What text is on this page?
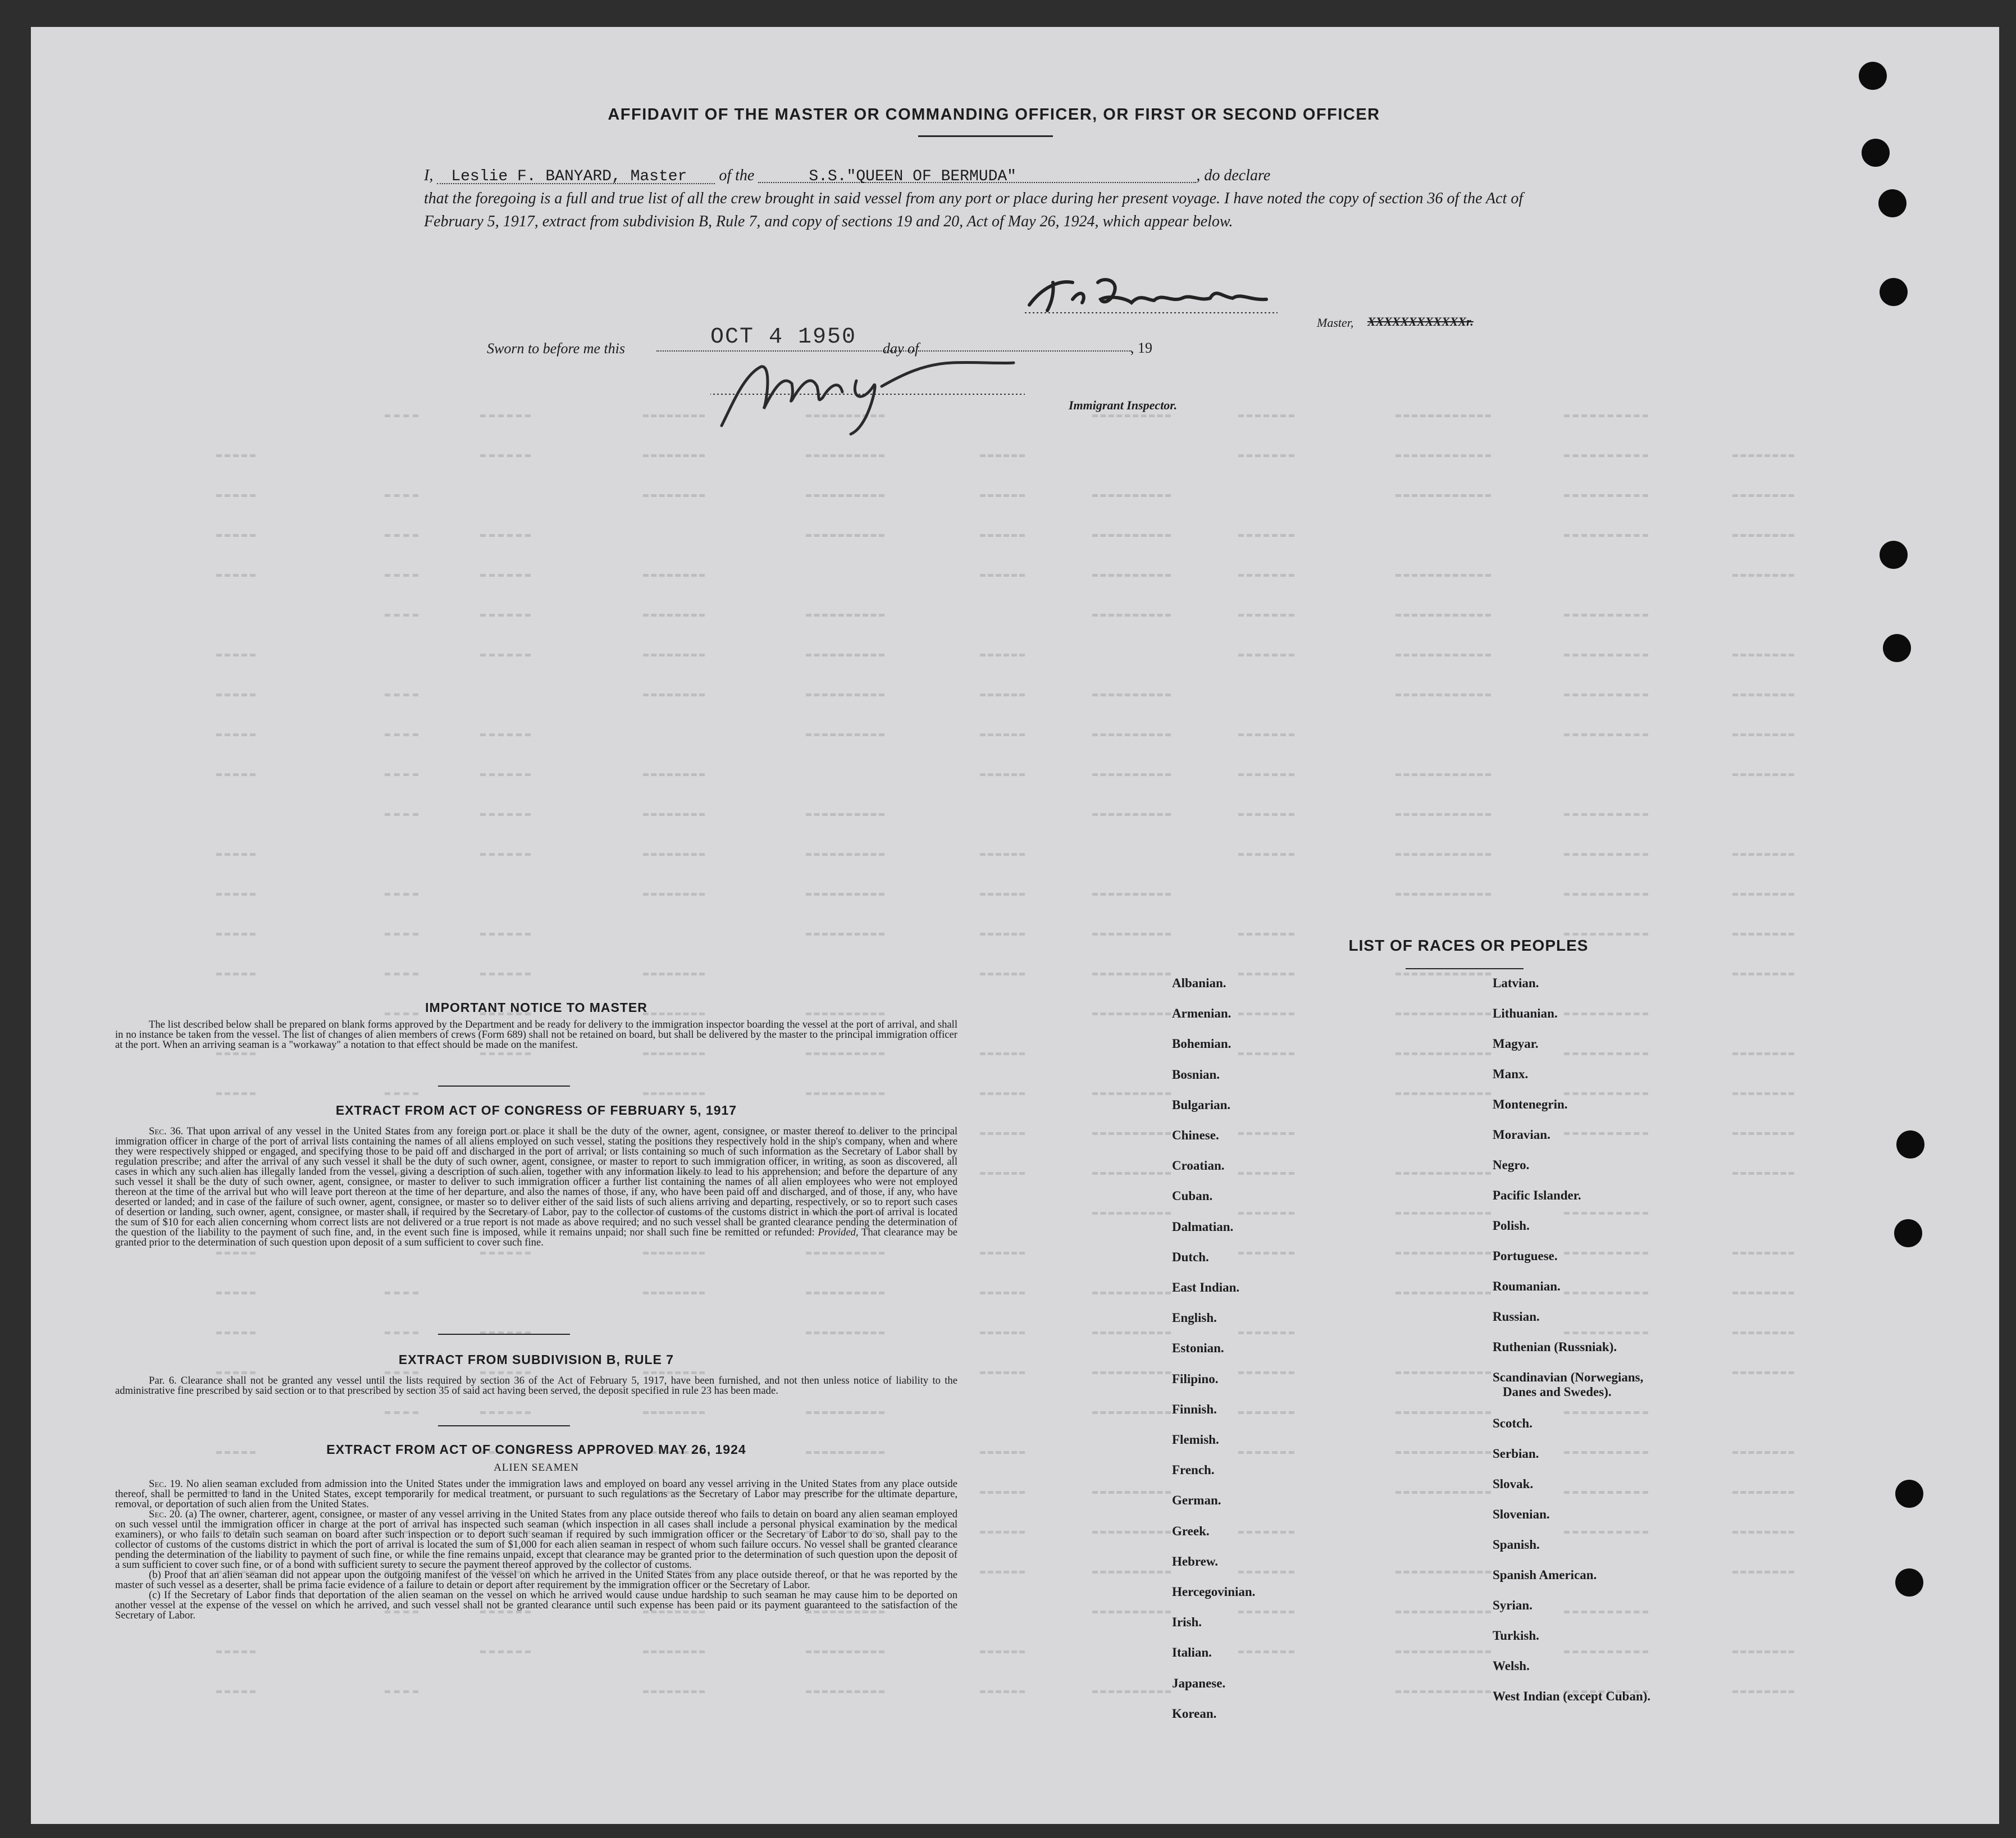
AFFIDAVIT OF THE MASTER OR COMMANDING OFFICER, OR FIRST OR SECOND OFFICER
I, Leslie F. BANYARD, Master of the	S.S."QUEEN OF BERMUDA"	, do declare
that the foregoing is a full and true list of all the crew brought in said vessel from any port or place during her present voyage. I have noted the copy of section 36 of the Act of February 5, 1917, extract from subdivision B, Rule 7, and copy of sections 19 and 20, Act of May 26, 1924, which appear below.
Master, XXXXXXXXXXXXr.
Sworn to before me this	OCT 4 1950 day of	, 19
Immigrant Inspector.
IMPORTANT NOTICE TO MASTER

The list described below shall be prepared on blank forms approved by the Department and be ready for delivery to the immigration inspector boarding the vessel at the port of arrival, and shall in no instance be taken from the vessel. The list of changes of alien members of crews (Form 689) shall not be retained on board, but shall be delivered by the master to the principal immigration officer at the port. When an arriving seaman is a "workaway" a notation to that effect should be made on the manifest.

EXTRACT FROM ACT OF CONGRESS OF FEBRUARY 5, 1917

Sec. 36. That upon arrival of any vessel in the United States from any foreign port or place it shall be the duty of the owner, agent, consignee, or master thereof to deliver to the principal immigration officer in charge of the port of arrival lists containing the names of all aliens employed on such vessel, stating the positions they respectively hold in the ship's company, when and where they were respectively shipped or engaged, and specifying those to be paid off and discharged in the port of arrival; or lists containing so much of such information as the Secretary of Labor shall by regulation prescribe; and after the arrival of any such vessel it shall be the duty of such owner, agent, consignee, or master to report to such immigration officer, in writing, as soon as discovered, all cases in which any such alien has illegally landed from the vessel, giving a description of such alien, together with any information likely to lead to his apprehension; and before the departure of any such vessel it shall be the duty of such owner, agent, consignee, or master to deliver to such immigration officer a further list containing the names of all alien employees who were not employed thereon at the time of the arrival but who will leave port thereon at the time of her departure, and also the names of those, if any, who have been paid off and discharged, and of those, if any, who have deserted or landed; and in case of the failure of such owner, agent, consignee, or master so to deliver either of the said lists of such aliens arriving and departing, respectively, or so to report such cases of desertion or landing, such owner, agent, consignee, or master shall, if required by the Secretary of Labor, pay to the collector of customs of the customs district in which the port of arrival is located the sum of $10 for each alien concerning whom correct lists are not delivered or a true report is not made as above required; and no such vessel shall be granted clearance pending the determination of the question of the liability to the payment of such fine, and, in the event such fine is imposed, while it remains unpaid; nor shall such fine be remitted or refunded: Provided, That clearance may be granted prior to the determination of such question upon deposit of a sum sufficient to cover such fine.

EXTRACT FROM SUBDIVISION B, RULE 7

Par. 6. Clearance shall not be granted any vessel until the lists required by section 36 of the Act of February 5, 1917, have been furnished, and not then unless notice of liability to the administrative fine prescribed by said section or to that prescribed by section 35 of said act having been served, the deposit specified in rule 23 has been made.

EXTRACT FROM ACT OF CONGRESS APPROVED MAY 26, 1924
ALIEN SEAMEN

Sec. 19. No alien seaman excluded from admission into the United States under the immigration laws and employed on board any vessel arriving in the United States from any place outside thereof, shall be permitted to land in the United States, except temporarily for medical treatment, or pursuant to such regulations as the Secretary of Labor may prescribe for the ultimate departure, removal, or deportation of such alien from the United States.

Sec. 20. (a) The owner, charterer, agent, consignee, or master of any vessel arriving in the United States from any place outside thereof who fails to detain on board any alien seaman employed on such vessel until the immigration officer in charge at the port of arrival has inspected such seaman (which inspection in all cases shall include a personal physical examination by the medical examiners), or who fails to detain such seaman on board after such inspection or to deport such seaman if required by such immigration officer or the Secretary of Labor to do so, shall pay to the collector of customs of the customs district in which the port of arrival is located the sum of $1,000 for each alien seaman in respect of whom such failure occurs. No vessel shall be granted clearance pending the determination of the liability to payment of such fine, or while the fine remains unpaid, except that clearance may be granted prior to the determination of such question upon the deposit of a sum sufficient to cover such fine, or of a bond with sufficient surety to secure the payment thereof approved by the collector of customs.

(b) Proof that an alien seaman did not appear upon the outgoing manifest of the vessel on which he arrived in the United States from any place outside thereof, or that he was reported by the master of such vessel as a deserter, shall be prima facie evidence of a failure to detain or deport after requirement by the immigration officer or the Secretary of Labor.

(c) If the Secretary of Labor finds that deportation of the alien seaman on the vessel on which he arrived would cause undue hardship to such seaman he may cause him to be deported on another vessel at the expense of the vessel on which he arrived, and such vessel shall not be granted clearance until such expense has been paid or its payment guaranteed to the satisfaction of the Secretary of Labor.

LIST OF RACES OR PEOPLES
Albanian.
Armenian.
Bohemian.
Bosnian.
Bulgarian.
Chinese.
Croatian.
Cuban.
Dalmatian.
Dutch.
East Indian.
English.
Estonian.
Filipino.
Finnish.
Flemish.
French.
German.
Greek.
Hebrew.
Hercegovinian.
Irish.
Italian.
Japanese.
Korean.
Latvian.
Lithuanian.
Magyar.
Manx.
Montenegrin.
Moravian.
Negro.
Pacific Islander.
Polish.
Portuguese.
Roumanian.
Russian.
Ruthenian (Russniak).
Scandinavian (Norwegians,
Danes and Swedes).
Scotch.
Serbian.
Slovak.
Slovenian.
Spanish.
Spanish American.
Syrian.
Turkish.
Welsh.
West Indian (except Cuban).
